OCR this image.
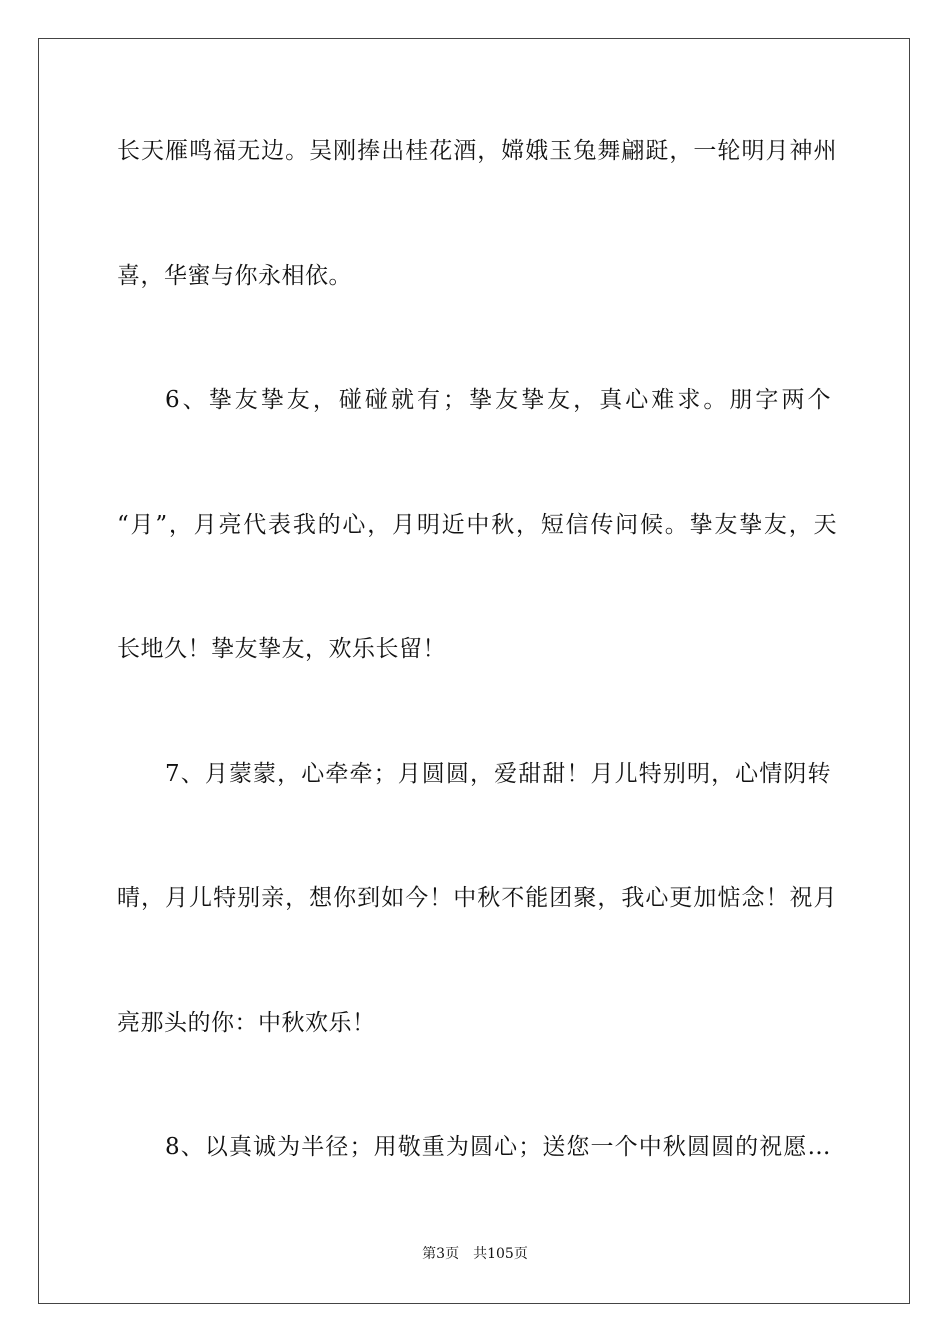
长天雁鸣福无边。吴刚捧出桂花酒，嫦娥玉兔舞翩跹，一轮明月神州
喜，华蜜与你永相依。
6、挚友挚友，碰碰就有；挚友挚友，真心难求。朋字两个
“月”，月亮代表我的心，月明近中秋，短信传问候。挚友挚友，天
长地久！挚友挚友，欢乐长留！
7、月蒙蒙，心牵牵；月圆圆，爱甜甜！月儿特别明，心情阴转
晴，月儿特别亲，想你到如今！中秋不能团聚，我心更加惦念！祝月
亮那头的你：中秋欢乐！
8、以真诚为半径；用敬重为圆心；送您一个中秋圆圆的祝愿…
第3页 共105页
